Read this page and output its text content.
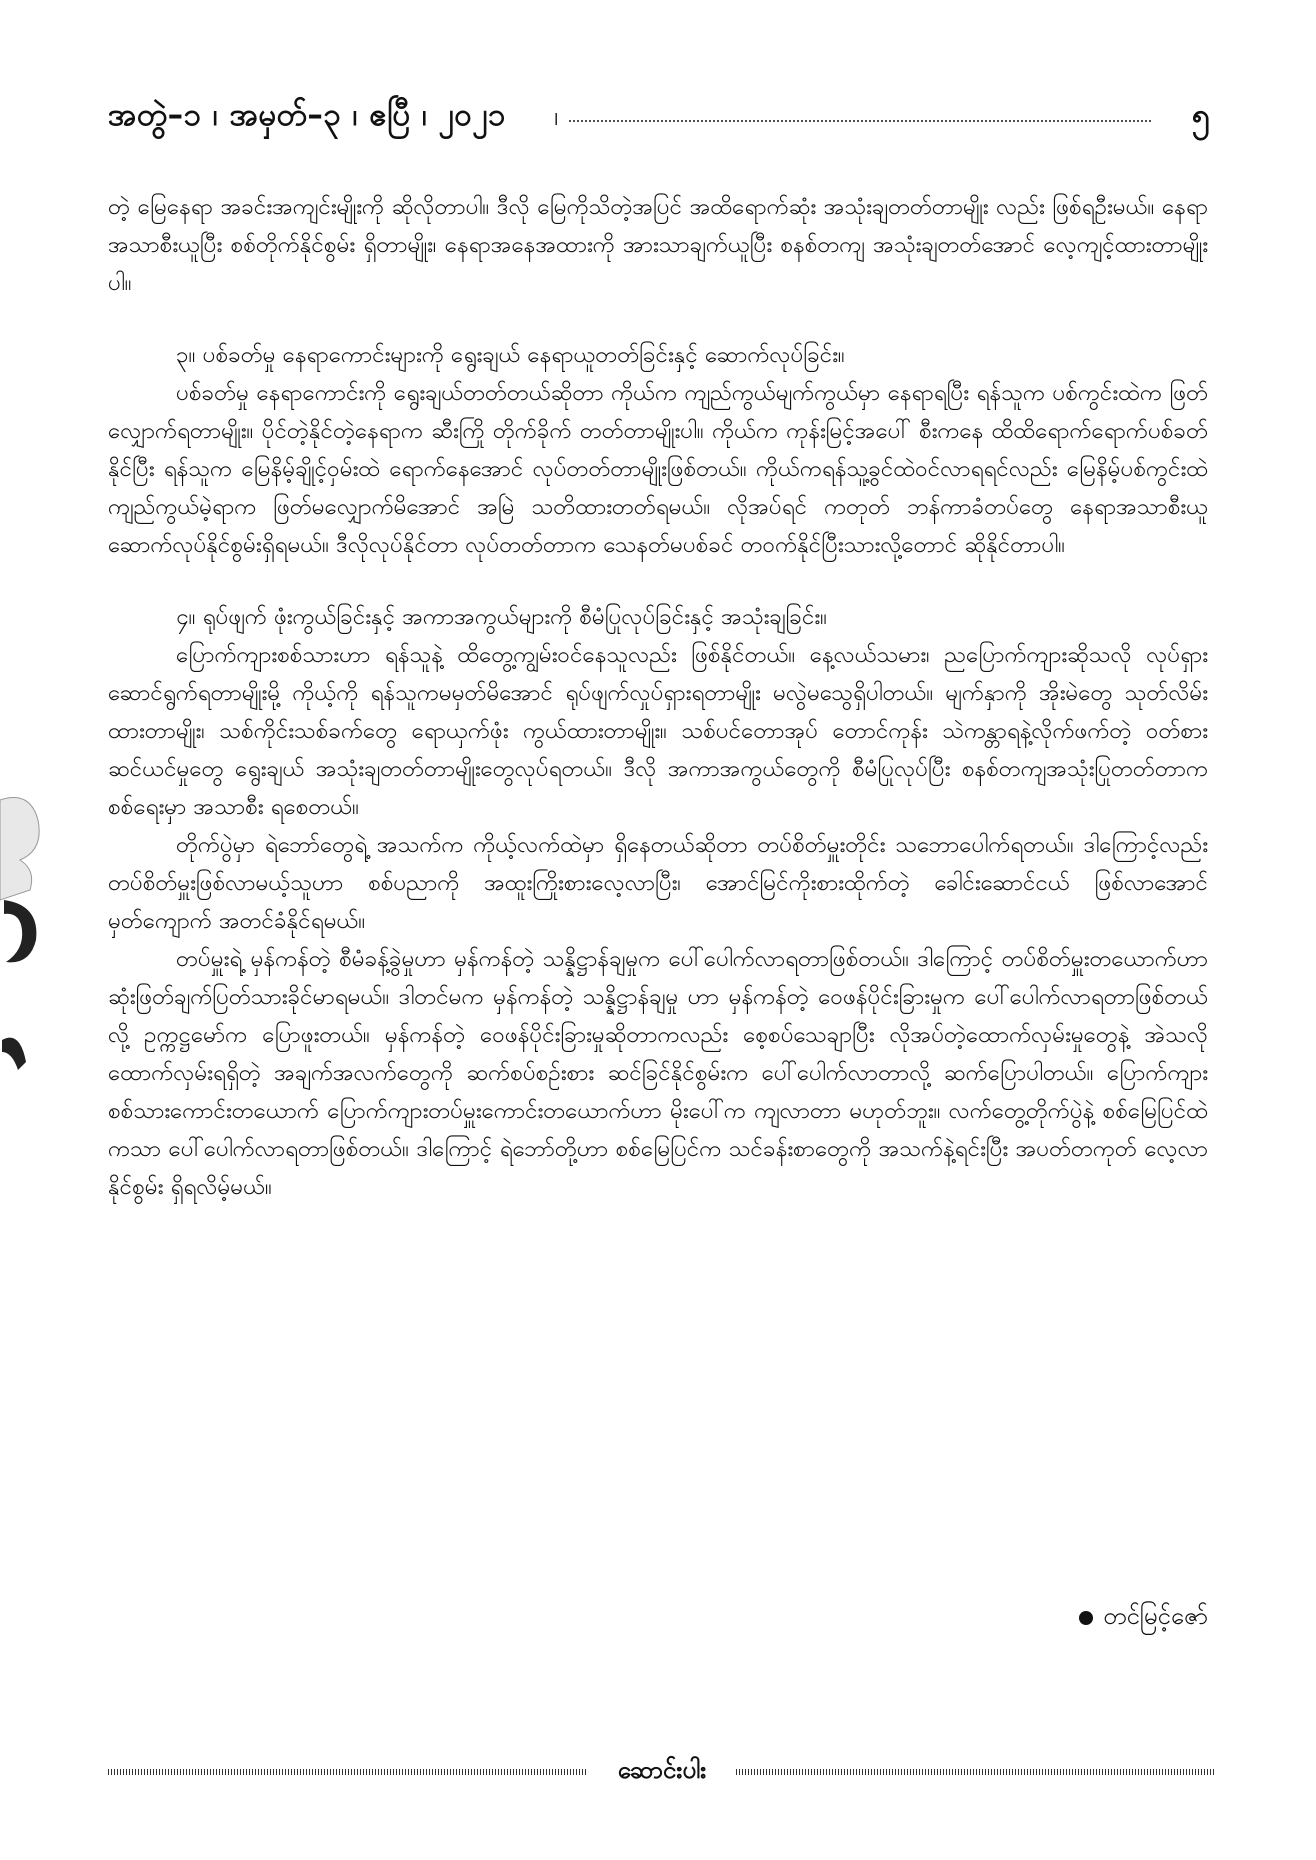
အတွဲ–၁ ၊ အမှတ်–၃ ၊ ဧပြီ ၊ ၂၀၂၁ ၊	၅

တဲ့ မြေနေရာ အခင်းအကျင်းမျိုးကို ဆိုလိုတာပါ။ ဒီလို မြေကိုသိတဲ့အပြင် အထိရောက်ဆုံး အသုံးချတတ်တာမျိုး လည်း ဖြစ်ရဦးမယ်။ နေရာအသာစီးယူပြီး စစ်တိုက်နိုင်စွမ်း ရှိတာမျိုး၊ နေရာအနေအထားကို အားသာချက်ယူပြီး စနစ်တကျ အသုံးချတတ်အောင် လေ့ကျင့်ထားတာမျိုးပါ။

၃။ ပစ်ခတ်မှု နေရာကောင်းများကို ရွေးချယ် နေရာယူတတ်ခြင်းနှင့် ဆောက်လုပ်ခြင်း။

ပစ်ခတ်မှု နေရာကောင်းကို ရွေးချယ်တတ်တယ်ဆိုတာ ကိုယ်က ကျည်ကွယ်မျက်ကွယ်မှာ နေရာရပြီး ရန်သူက ပစ်ကွင်းထဲက ဖြတ်လျှောက်ရတာမျိုး။ ပိုင်တဲ့နိုင်တဲ့နေရာက ဆီးကြို တိုက်ခိုက် တတ်တာမျိုးပါ။ ကိုယ်က ကုန်းမြင့်အပေါ် စီးကနေ ထိထိရောက်ရောက်ပစ်ခတ်နိုင်ပြီး ရန်သူက မြေနိမ့်ချိုင့်ဝှမ်းထဲ ရောက်နေအောင် လုပ်တတ်တာမျိုးဖြစ်တယ်။ ကိုယ်ကရန်သူ့ခွင်ထဲဝင်လာရရင်လည်း မြေနိမ့်ပစ်ကွင်းထဲ ကျည်ကွယ်မဲ့ရာက ဖြတ်မလျှောက်မိအောင် အမြဲ သတိထားတတ်ရမယ်။ လိုအပ်ရင် ကတုတ် ဘန်ကာခံတပ်တွေ နေရာအသာစီးယူ ဆောက်လုပ်နိုင်စွမ်းရှိရမယ်။ ဒီလိုလုပ်နိုင်တာ လုပ်တတ်တာက သေနတ်မပစ်ခင် တဝက်နိုင်ပြီးသားလို့တောင် ဆိုနိုင်တာပါ။

၄။ ရုပ်ဖျက် ဖုံးကွယ်ခြင်းနှင့် အကာအကွယ်များကို စီမံပြုလုပ်ခြင်းနှင့် အသုံးချခြင်း။

ပြောက်ကျားစစ်သားဟာ ရန်သူနဲ့ ထိတွေ့ကျွမ်းဝင်နေသူလည်း ဖြစ်နိုင်တယ်။ နေ့လယ်သမား၊ ညပြောက်ကျားဆိုသလို လုပ်ရှားဆောင်ရွက်ရတာမျိုးမို့ ကိုယ့်ကို ရန်သူကမမှတ်မိအောင် ရုပ်ဖျက်လှုပ်ရှားရတာမျိုး မလွဲမသွေရှိပါတယ်။ မျက်နှာကို အိုးမဲတွေ သုတ်လိမ်းထားတာမျိုး၊ သစ်ကိုင်းသစ်ခက်တွေ ရောယှက်ဖုံး ကွယ်ထားတာမျိုး။ သစ်ပင်တောအုပ် တောင်ကုန်း သဲကန္တာရနဲ့လိုက်ဖက်တဲ့ ဝတ်စားဆင်ယင်မှုတွေ ရွေးချယ် အသုံးချတတ်တာမျိုးတွေလုပ်ရတယ်။ ဒီလို အကာအကွယ်တွေကို စီမံပြုလုပ်ပြီး စနစ်တကျအသုံးပြုတတ်တာက စစ်ရေးမှာ အသာစီး ရစေတယ်။

တိုက်ပွဲမှာ ရဲဘော်တွေရဲ့ အသက်က ကိုယ့်လက်ထဲမှာ ရှိနေတယ်ဆိုတာ တပ်စိတ်မှူးတိုင်း သဘောပေါက်ရတယ်။ ဒါကြောင့်လည်း တပ်စိတ်မှူးဖြစ်လာမယ့်သူဟာ စစ်ပညာကို အထူးကြိုးစားလေ့လာပြီး၊ အောင်မြင်ကိုးစားထိုက်တဲ့ ခေါင်းဆောင်ငယ် ဖြစ်လာအောင် မှတ်ကျောက် အတင်ခံနိုင်ရမယ်။

တပ်မှူးရဲ့ မှန်ကန်တဲ့ စီမံခန့်ခွဲမှုဟာ မှန်ကန်တဲ့ သန္နိဋ္ဌာန်ချမှုက ပေါ်ပေါက်လာရတာဖြစ်တယ်။ ဒါကြောင့် တပ်စိတ်မှူးတယောက်ဟာ ဆုံးဖြတ်ချက်ပြတ်သားခိုင်မာရမယ်။ ဒါတင်မက မှန်ကန်တဲ့ သန္နိဋ္ဌာန်ချမှု ဟာ မှန်ကန်တဲ့ ဝေဖန်ပိုင်းခြားမှုက ပေါ်ပေါက်လာရတာဖြစ်တယ်လို့ ဥက္ကဋ္ဌမော်က ပြောဖူးတယ်။ မှန်ကန်တဲ့ ဝေဖန်ပိုင်းခြားမှုဆိုတာကလည်း စေ့စပ်သေချာပြီး လိုအပ်တဲ့ထောက်လှမ်းမှုတွေနဲ့ အဲသလို ထောက်လှမ်းရရှိတဲ့ အချက်အလက်တွေကို ဆက်စပ်စဉ်းစား ဆင်ခြင်နိုင်စွမ်းက ပေါ်ပေါက်လာတာလို့ ဆက်ပြောပါတယ်။ ပြောက်ကျား စစ်သားကောင်းတယောက် ပြောက်ကျားတပ်မှူးကောင်းတယောက်ဟာ မိုးပေါ်က ကျလာတာ မဟုတ်ဘူး။ လက်တွေ့တိုက်ပွဲနဲ့ စစ်မြေပြင်ထဲကသာ ပေါ်ပေါက်လာရတာဖြစ်တယ်။ ဒါကြောင့် ရဲဘော်တို့ဟာ စစ်မြေပြင်က သင်ခန်းစာတွေကို အသက်နဲ့ရင်းပြီး အပတ်တကုတ် လေ့လာနိုင်စွမ်း ရှိရလိမ့်မယ်။

တင်မြင့်ဇော်
ဆောင်းပါး
